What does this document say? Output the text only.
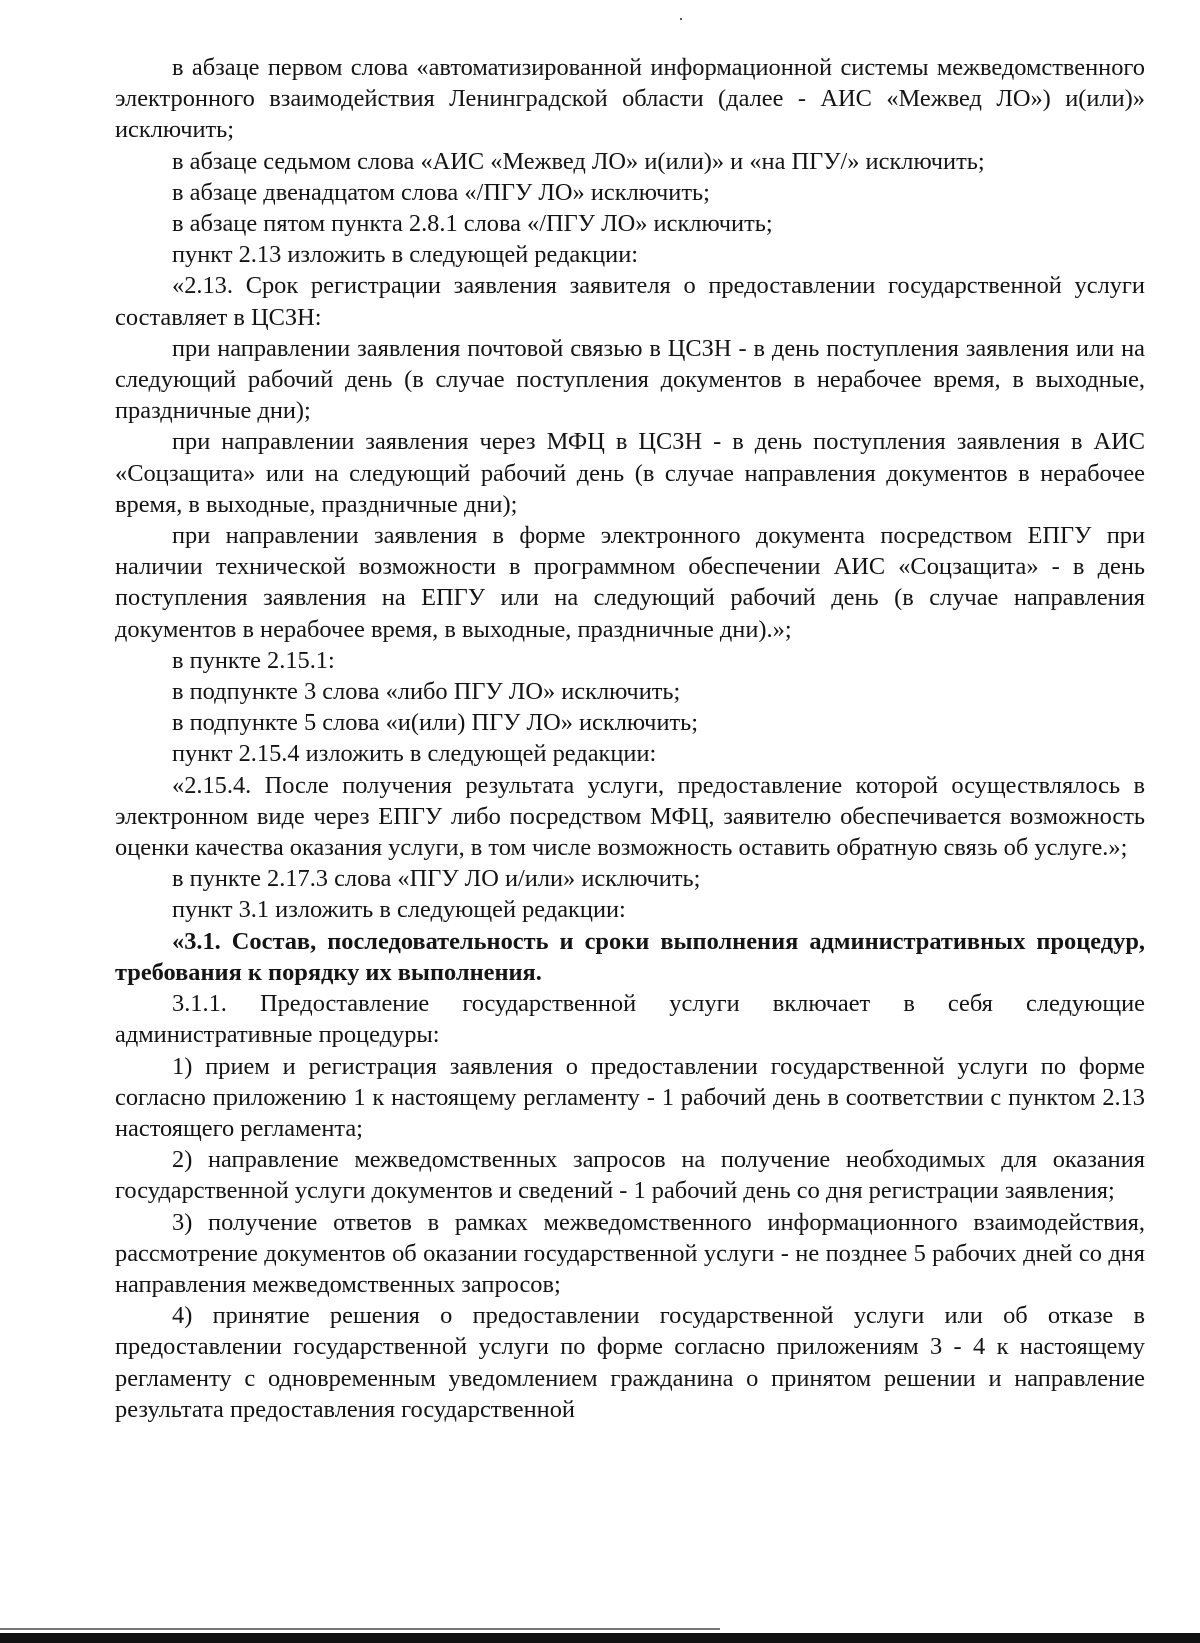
в абзаце первом слова «автоматизированной информационной системы межведомственного электронного взаимодействия Ленинградской области (далее - АИС «Межвед ЛО») и(или)» исключить;

в абзаце седьмом слова «АИС «Межвед ЛО» и(или)» и «на ПГУ/» исключить;

в абзаце двенадцатом слова «/ПГУ ЛО» исключить;

в абзаце пятом пункта 2.8.1 слова «/ПГУ ЛО» исключить;

пункт 2.13 изложить в следующей редакции:

«2.13. Срок регистрации заявления заявителя о предоставлении государственной услуги составляет в ЦСЗН:

при направлении заявления почтовой связью в ЦСЗН - в день поступления заявления или на следующий рабочий день (в случае поступления документов в нерабочее время, в выходные, праздничные дни);

при направлении заявления через МФЦ в ЦСЗН - в день поступления заявления в АИС «Соцзащита» или на следующий рабочий день (в случае направления документов в нерабочее время, в выходные, праздничные дни);

при направлении заявления в форме электронного документа посредством ЕПГУ при наличии технической возможности в программном обеспечении АИС «Соцзащита» - в день поступления заявления на ЕПГУ или на следующий рабочий день (в случае направления документов в нерабочее время, в выходные, праздничные дни).»;

в пункте 2.15.1:

в подпункте 3 слова «либо ПГУ ЛО» исключить;

в подпункте 5 слова «и(или) ПГУ ЛО» исключить;

пункт 2.15.4 изложить в следующей редакции:

«2.15.4. После получения результата услуги, предоставление которой осуществлялось в электронном виде через ЕПГУ либо посредством МФЦ, заявителю обеспечивается возможность оценки качества оказания услуги, в том числе возможность оставить обратную связь об услуге.»;

в пункте 2.17.3 слова «ПГУ ЛО и/или» исключить;

пункт 3.1 изложить в следующей редакции:

«3.1. Состав, последовательность и сроки выполнения административных процедур, требования к порядку их выполнения.

3.1.1. Предоставление государственной услуги включает в себя следующие административные процедуры:

1) прием и регистрация заявления о предоставлении государственной услуги по форме согласно приложению 1 к настоящему регламенту - 1 рабочий день в соответствии с пунктом 2.13 настоящего регламента;

2) направление межведомственных запросов на получение необходимых для оказания государственной услуги документов и сведений - 1 рабочий день со дня регистрации заявления;

3) получение ответов в рамках межведомственного информационного взаимодействия, рассмотрение документов об оказании государственной услуги - не позднее 5 рабочих дней со дня направления межведомственных запросов;

4) принятие решения о предоставлении государственной услуги или об отказе в предоставлении государственной услуги по форме согласно приложениям 3 - 4 к настоящему регламенту с одновременным уведомлением гражданина о принятом решении и направление результата предоставления государственной
